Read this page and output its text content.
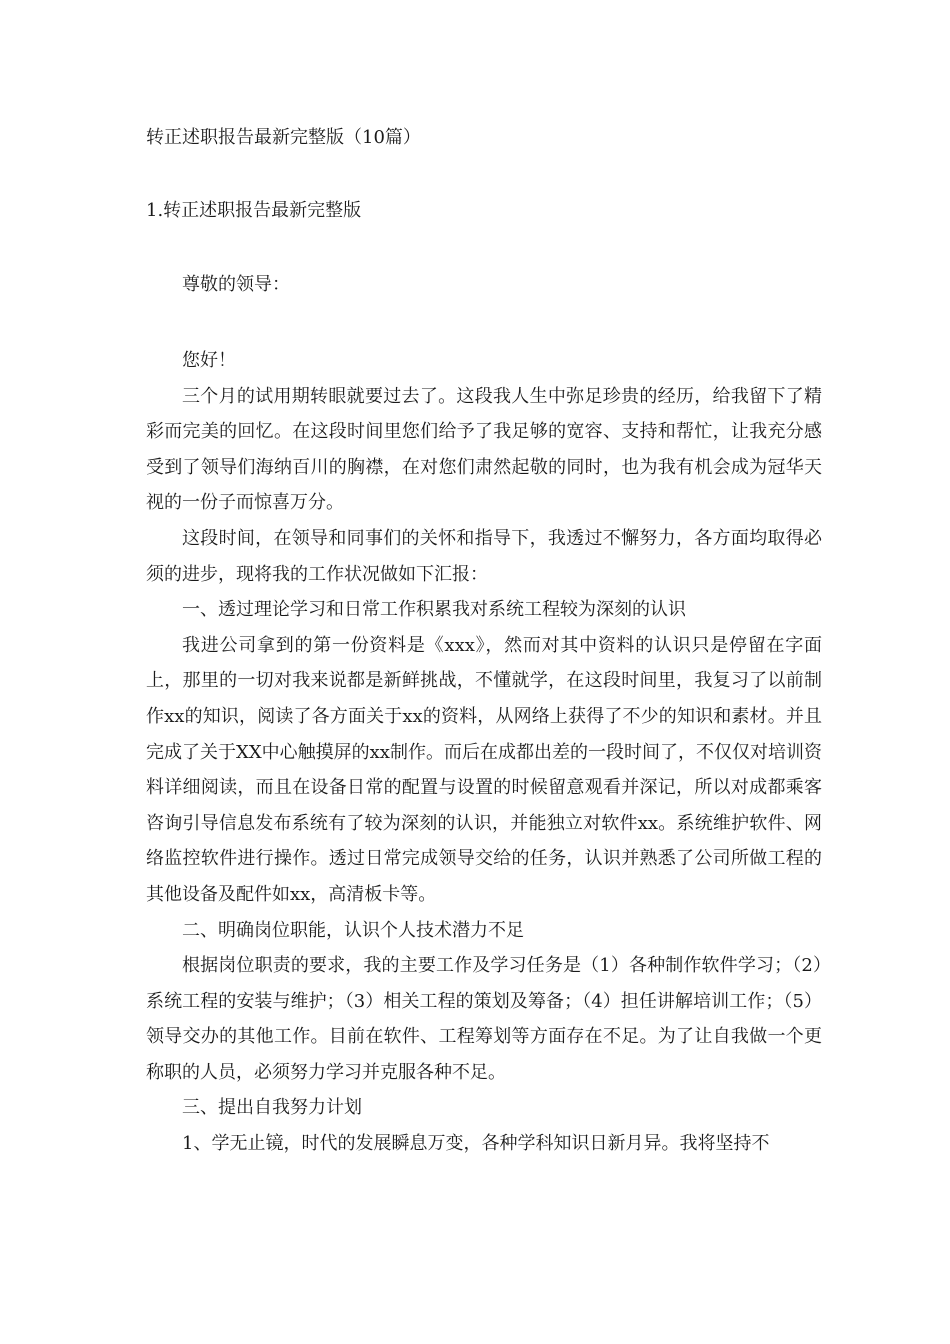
转正述职报告最新完整版（10篇）
1.转正述职报告最新完整版
尊敬的领导：

您好！

三个月的试用期转眼就要过去了。这段我人生中弥足珍贵的经历，给我留下了精彩而完美的回忆。在这段时间里您们给予了我足够的宽容、支持和帮忙，让我充分感受到了领导们海纳百川的胸襟，在对您们肃然起敬的同时，也为我有机会成为冠华天视的一份子而惊喜万分。

这段时间，在领导和同事们的关怀和指导下，我透过不懈努力，各方面均取得必须的进步，现将我的工作状况做如下汇报：

一、透过理论学习和日常工作积累我对系统工程较为深刻的认识

我进公司拿到的第一份资料是《xxx》，然而对其中资料的认识只是停留在字面上，那里的一切对我来说都是新鲜挑战，不懂就学，在这段时间里，我复习了以前制作xx的知识，阅读了各方面关于xx的资料，从网络上获得了不少的知识和素材。并且完成了关于XX中心触摸屏的xx制作。而后在成都出差的一段时间了，不仅仅对培训资料详细阅读，而且在设备日常的配置与设置的时候留意观看并深记，所以对成都乘客咨询引导信息发布系统有了较为深刻的认识，并能独立对软件xx。系统维护软件、网络监控软件进行操作。透过日常完成领导交给的任务，认识并熟悉了公司所做工程的其他设备及配件如xx，高清板卡等。

二、明确岗位职能，认识个人技术潜力不足

根据岗位职责的要求，我的主要工作及学习任务是（1）各种制作软件学习；（2）系统工程的安装与维护；（3）相关工程的策划及筹备；（4）担任讲解培训工作；（5）领导交办的其他工作。目前在软件、工程筹划等方面存在不足。为了让自我做一个更称职的人员，必须努力学习并克服各种不足。

三、提出自我努力计划

1、学无止镜，时代的发展瞬息万变，各种学科知识日新月异。我将坚持不
